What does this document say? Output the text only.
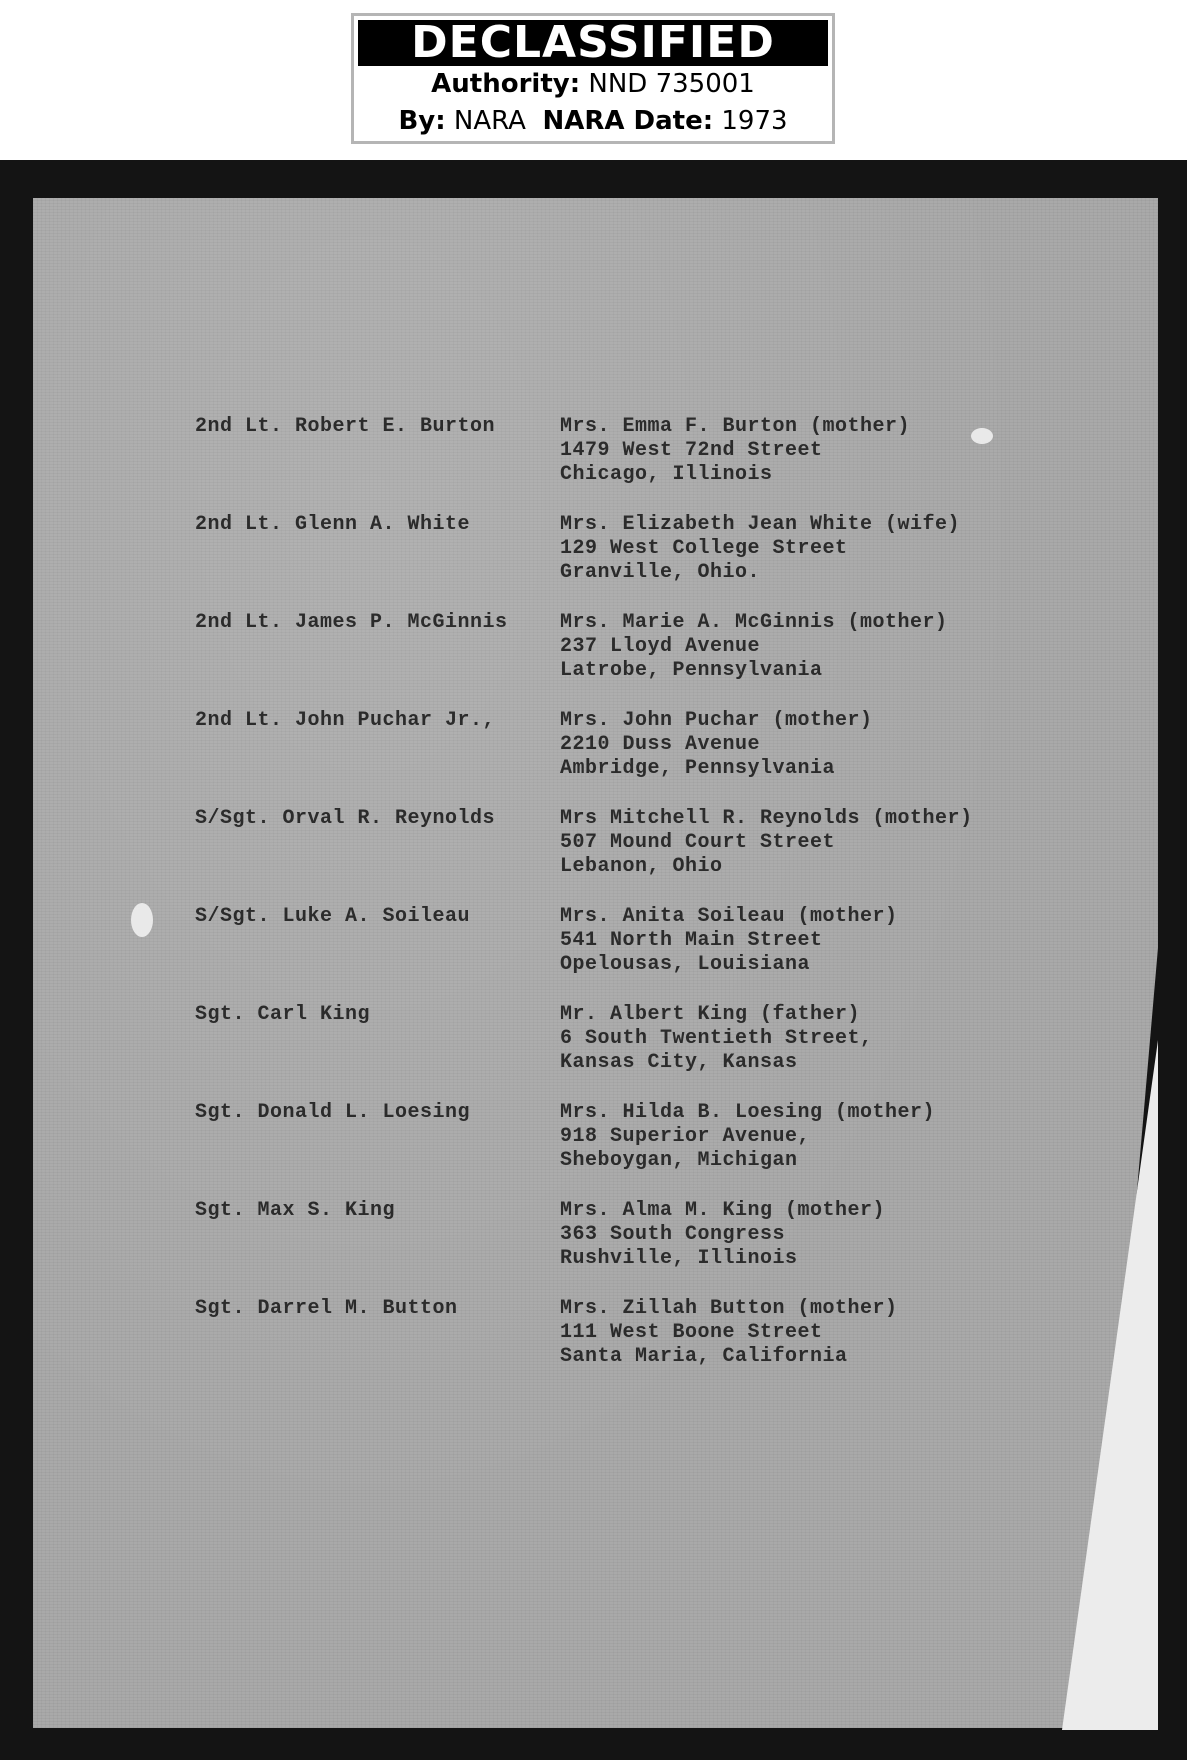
DECLASSIFIED
Authority: NND 735001
By: NARA NARA Date: 1973
2nd Lt. Robert E. Burton	Mrs. Emma F. Burton (mother)
1479 West 72nd Street
Chicago, Illinois
2nd Lt. Glenn A. White	Mrs. Elizabeth Jean White (wife)
129 West College Street
Granville, Ohio.
2nd Lt. James P. McGinnis	Mrs. Marie A. McGinnis (mother)
237 Lloyd Avenue
Latrobe, Pennsylvania
2nd Lt. John Puchar Jr.,	Mrs. John Puchar (mother)
2210 Duss Avenue
Ambridge, Pennsylvania
S/Sgt. Orval R. Reynolds	Mrs Mitchell R. Reynolds (mother)
507 Mound Court Street
Lebanon, Ohio
S/Sgt. Luke A. Soileau	Mrs. Anita Soileau (mother)
541 North Main Street
Opelousas, Louisiana
Sgt. Carl King	Mr. Albert King (father)
6 South Twentieth Street,
Kansas City, Kansas
Sgt. Donald L. Loesing	Mrs. Hilda B. Loesing (mother)
918 Superior Avenue,
Sheboygan, Michigan
Sgt. Max S. King	Mrs. Alma M. King (mother)
363 South Congress
Rushville, Illinois
Sgt. Darrel M. Button	Mrs. Zillah Button (mother)
111 West Boone Street
Santa Maria, California
